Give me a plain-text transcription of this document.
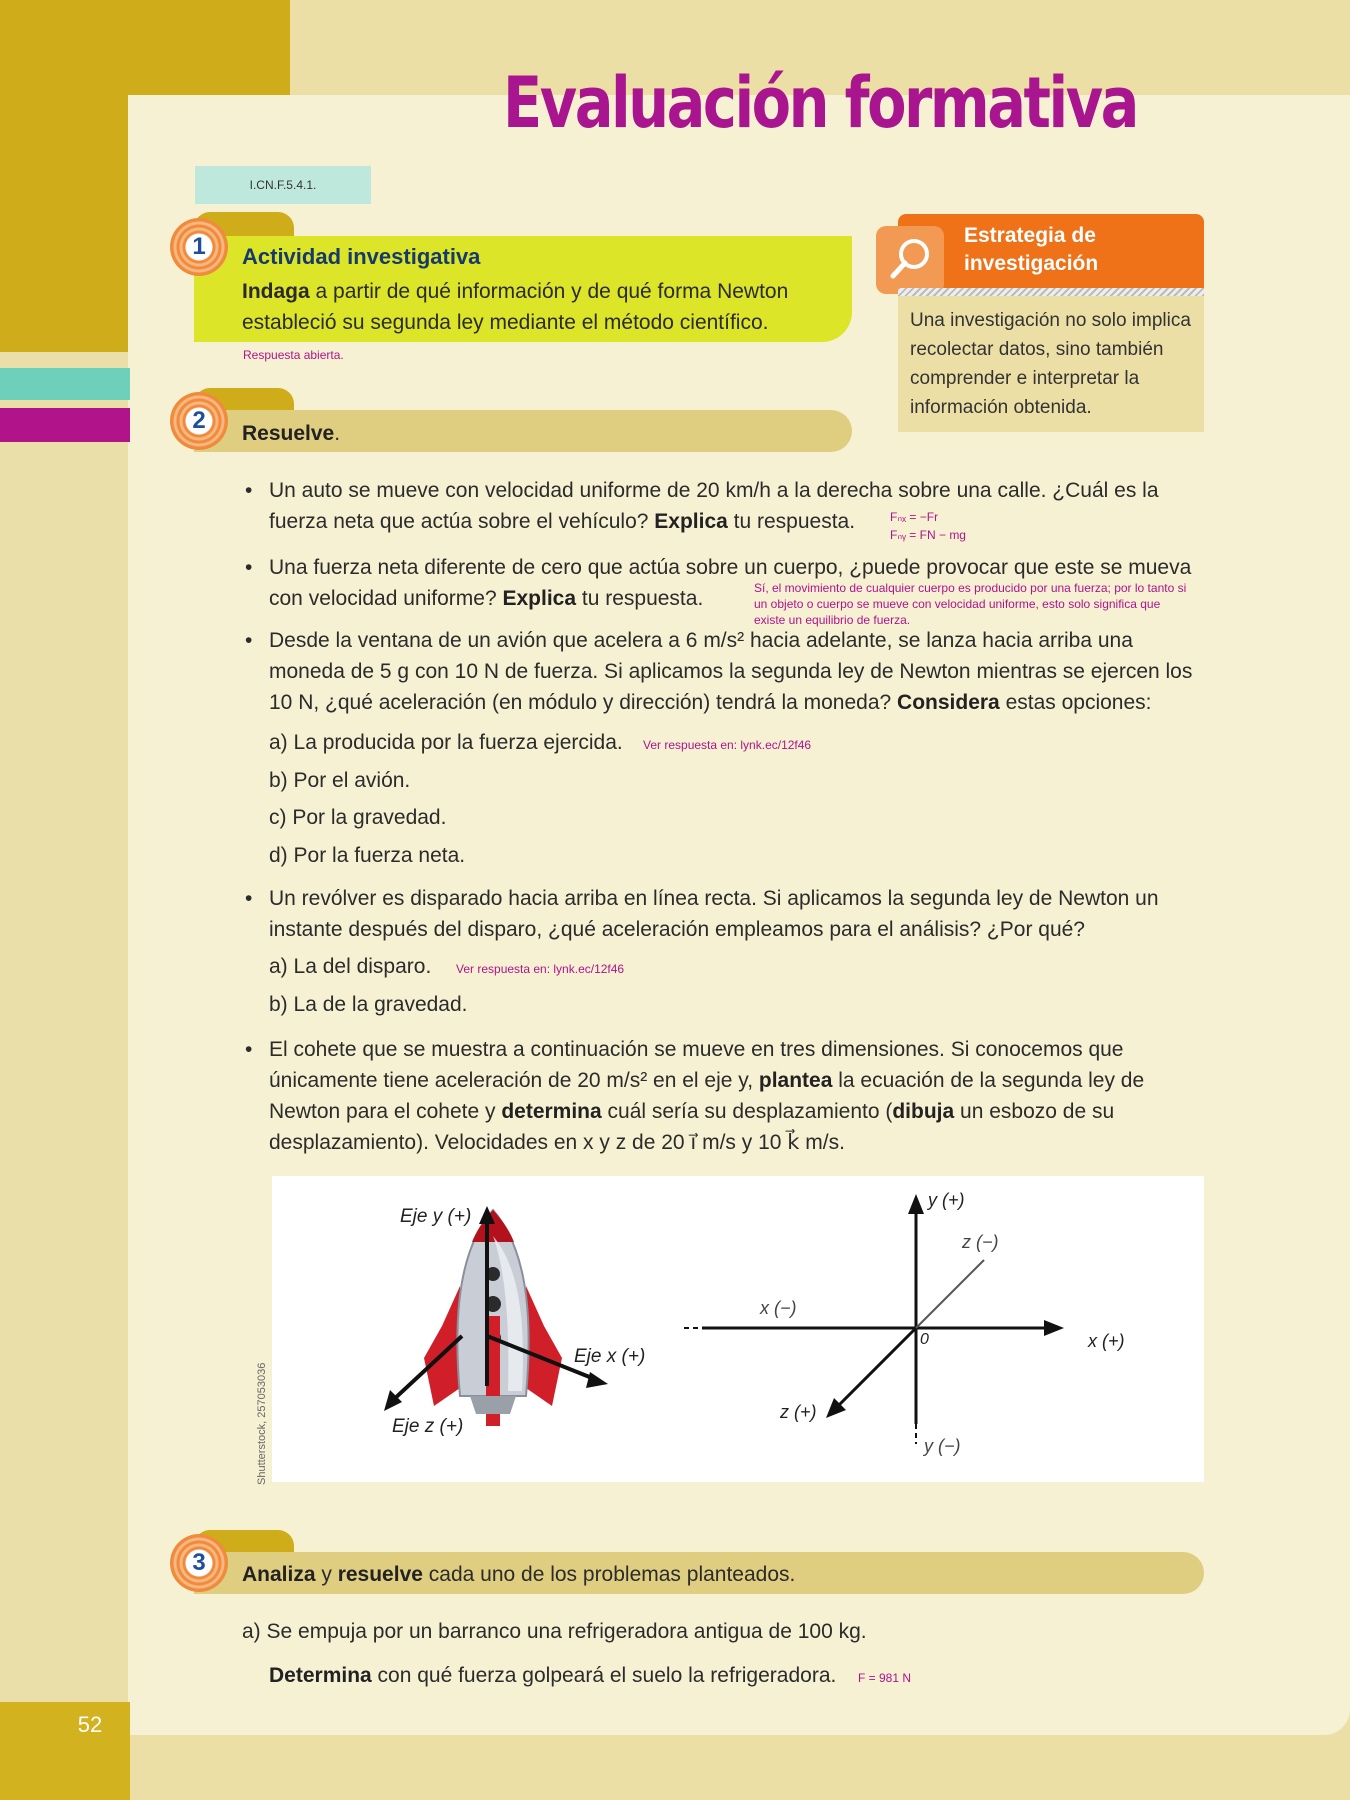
52
Evaluación formativa
I.CN.F.5.4.1.
1	Actividad investigativa
Indaga a partir de qué información y de qué forma Newton estableció su segunda ley mediante el método científico.
Respuesta abierta.
Estrategia de
investigación
Una investigación no solo implica recolectar datos, sino también comprender e interpretar la información obtenida.
2	Resuelve.
• Un auto se mueve con velocidad uniforme de 20 km/h a la derecha sobre una calle. ¿Cuál es la fuerza neta que actúa sobre el vehículo? Explica tu respuesta.	Fₙₓ = −Fr
Fₙᵧ = FN − mg
• Una fuerza neta diferente de cero que actúa sobre un cuerpo, ¿puede provocar que este se mueva con velocidad uniforme? Explica tu respuesta.	Sí, el movimiento de cualquier cuerpo es producido por una fuerza; por lo tanto si un objeto o cuerpo se mueve con velocidad uniforme, esto solo significa que existe un equilibrio de fuerza.
• Desde la ventana de un avión que acelera a 6 m/s² hacia adelante, se lanza hacia arriba una moneda de 5 g con 10 N de fuerza. Si aplicamos la segunda ley de Newton mientras se ejercen los 10 N, ¿qué aceleración (en módulo y dirección) tendrá la moneda? Considera estas opciones:
a) La producida por la fuerza ejercida. Ver respuesta en: lynk.ec/12f46
b) Por el avión.
c) Por la gravedad.
d) Por la fuerza neta.
• Un revólver es disparado hacia arriba en línea recta. Si aplicamos la segunda ley de Newton un instante después del disparo, ¿qué aceleración empleamos para el análisis? ¿Por qué?
a) La del disparo. Ver respuesta en: lynk.ec/12f46
b) La de la gravedad.
• El cohete que se muestra a continuación se mueve en tres dimensiones. Si conocemos que únicamente tiene aceleración de 20 m/s² en el eje y, plantea la ecuación de la segunda ley de Newton para el cohete y determina cuál sería su desplazamiento (dibuja un esbozo de su desplazamiento). Velocidades en x y z de 20 i⃗ m/s y 10 k⃗ m/s.
Eje y (+)
Eje x (+)
Eje z (+)
y (+)
y (−)
x (+)
x (−)
z (+)
z (−)
0
Shutterstock, 257053036
3	Analiza y resuelve cada uno de los problemas planteados.
a) Se empuja por un barranco una refrigeradora antigua de 100 kg.
Determina con qué fuerza golpeará el suelo la refrigeradora. F = 981 N
